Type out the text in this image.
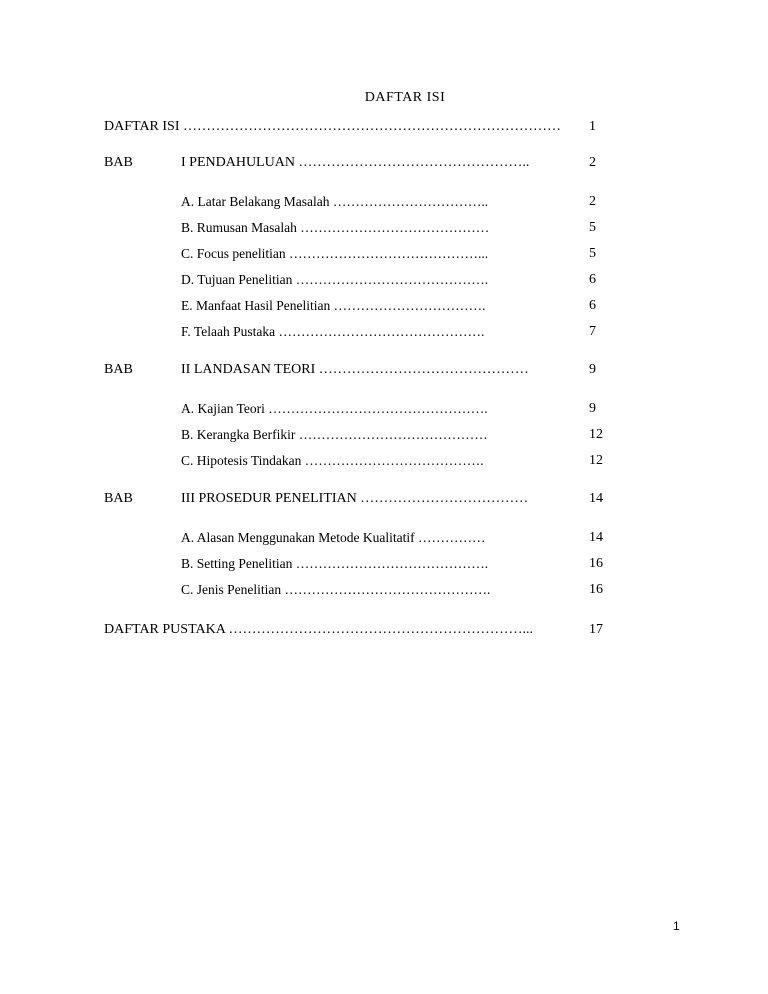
DAFTAR ISI
DAFTAR ISI ……………………………………………………………………… 1
BAB	I PENDAHULUAN …………………………………………..	2
A. Latar Belakang Masalah ……………………………..	2
B. Rumusan Masalah ……………………………………	5
C. Focus penelitian ……………………………………...	5
D. Tujuan Penelitian …………………………………….	6
E. Manfaat Hasil Penelitian …………………………….	6
F. Telaah Pustaka ……………………………………….	7
BAB	II LANDASAN TEORI ………………………………………	9
A. Kajian Teori ………………………………………….	9
B. Kerangka Berfikir ……………………………………	12
C. Hipotesis Tindakan ………………………………….	12
BAB	III PROSEDUR PENELITIAN ………………………………	14
A. Alasan Menggunakan Metode Kualitatif ……………	14
B. Setting Penelitian …………………………………….	16
C. Jenis Penelitian ……………………………………….	16
DAFTAR PUSTAKA ………………………………………………………...	17
1
